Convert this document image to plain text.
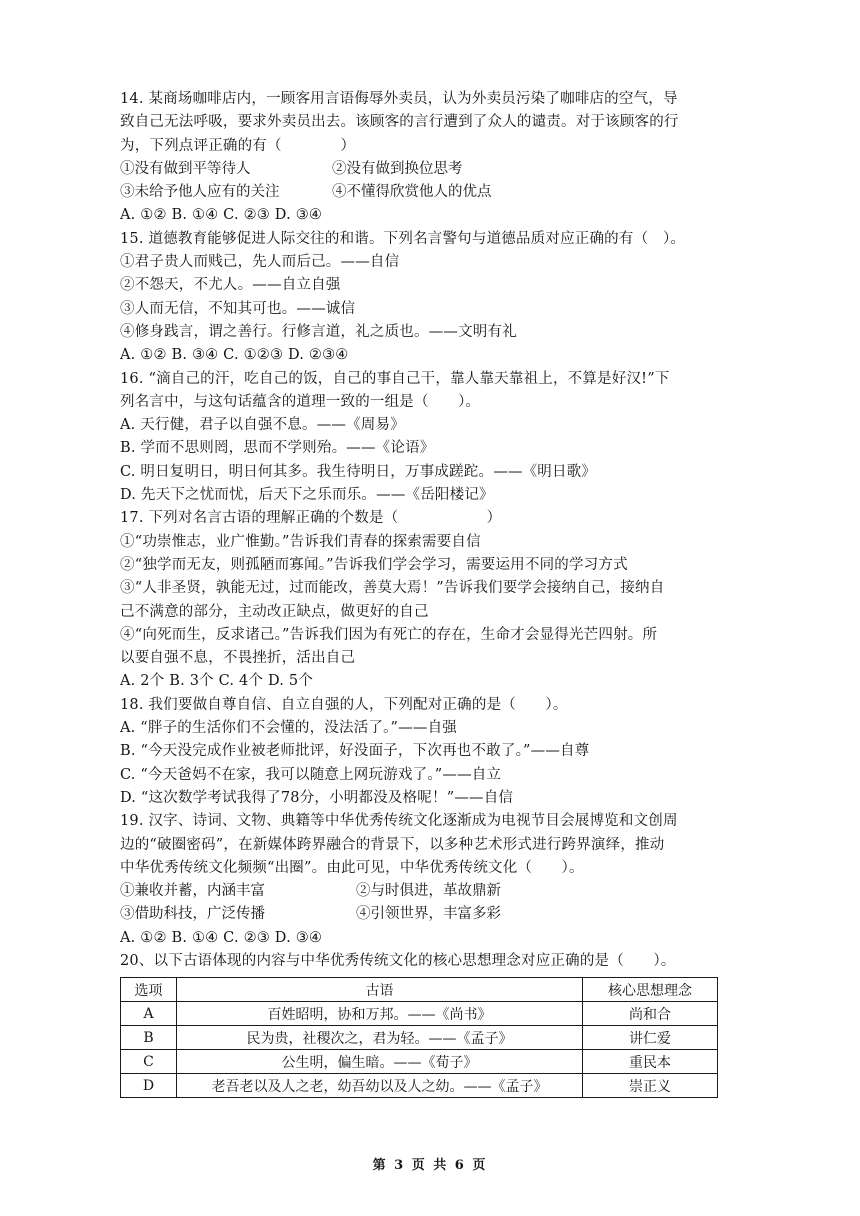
14. 某商场咖啡店内，一顾客用言语侮辱外卖员，认为外卖员污染了咖啡店的空气，导
致自己无法呼吸，要求外卖员出去。该顾客的言行遭到了众人的谴责。对于该顾客的行
为，下列点评正确的有（　　　　）
①没有做到平等待人	②没有做到换位思考
③未给予他人应有的关注	④不懂得欣赏他人的优点
A. ①② B. ①④ C. ②③ D. ③④
15. 道德教育能够促进人际交往的和谐。下列名言警句与道德品质对应正确的有（　）。
①君子贵人而贱己，先人而后己。——自信
②不怨天，不尤人。——自立自强
③人而无信，不知其可也。——诚信
④修身践言，谓之善行。行修言道，礼之质也。——文明有礼
A. ①② B. ③④ C. ①②③ D. ②③④
16. “滴自己的汗，吃自己的饭，自己的事自己干，靠人靠天靠祖上，不算是好汉!”下
列名言中，与这句话蕴含的道理一致的一组是（　　）。
A. 天行健，君子以自强不息。——《周易》
B. 学而不思则罔，思而不学则殆。——《论语》
C. 明日复明日，明日何其多。我生待明日，万事成蹉跎。——《明日歌》
D. 先天下之忧而忧，后天下之乐而乐。——《岳阳楼记》
17. 下列对名言古语的理解正确的个数是（　　　　　　）
①“功崇惟志，业广惟勤。”告诉我们青春的探索需要自信
②“独学而无友，则孤陋而寡闻。”告诉我们学会学习，需要运用不同的学习方式
③“人非圣贤，孰能无过，过而能改，善莫大焉！”告诉我们要学会接纳自己，接纳自
己不满意的部分，主动改正缺点，做更好的自己
④“向死而生，反求诸己。”告诉我们因为有死亡的存在，生命才会显得光芒四射。所
以要自强不息，不畏挫折，活出自己
A. 2个 B. 3个 C. 4个 D. 5个
18. 我们要做自尊自信、自立自强的人，下列配对正确的是（　　）。
A. “胖子的生活你们不会懂的，没法活了。”——自强
B. “今天没完成作业被老师批评，好没面子，下次再也不敢了。”——自尊
C. “今天爸妈不在家，我可以随意上网玩游戏了。”——自立
D. “这次数学考试我得了78分，小明都没及格呢！”——自信
19. 汉字、诗词、文物、典籍等中华优秀传统文化逐渐成为电视节目会展博览和文创周
边的“破圈密码”，在新媒体跨界融合的背景下，以多种艺术形式进行跨界演绎，推动
中华优秀传统文化频频“出圈”。由此可见，中华优秀传统文化（　　）。
①兼收并蓄，内涵丰富	②与时俱进，革故鼎新
③借助科技，广泛传播	④引领世界，丰富多彩
A. ①② B. ①④ C. ②③ D. ③④
20、以下古语体现的内容与中华优秀传统文化的核心思想理念对应正确的是（　　）。
选项	古语	核心思想理念
A	百姓昭明，协和万邦。——《尚书》	尚和合
B	民为贵，社稷次之，君为轻。——《孟子》	讲仁爱
C	公生明，偏生暗。——《荀子》	重民本
D	老吾老以及人之老，幼吾幼以及人之幼。——《孟子》	崇正义
第 3 页 共 6 页
